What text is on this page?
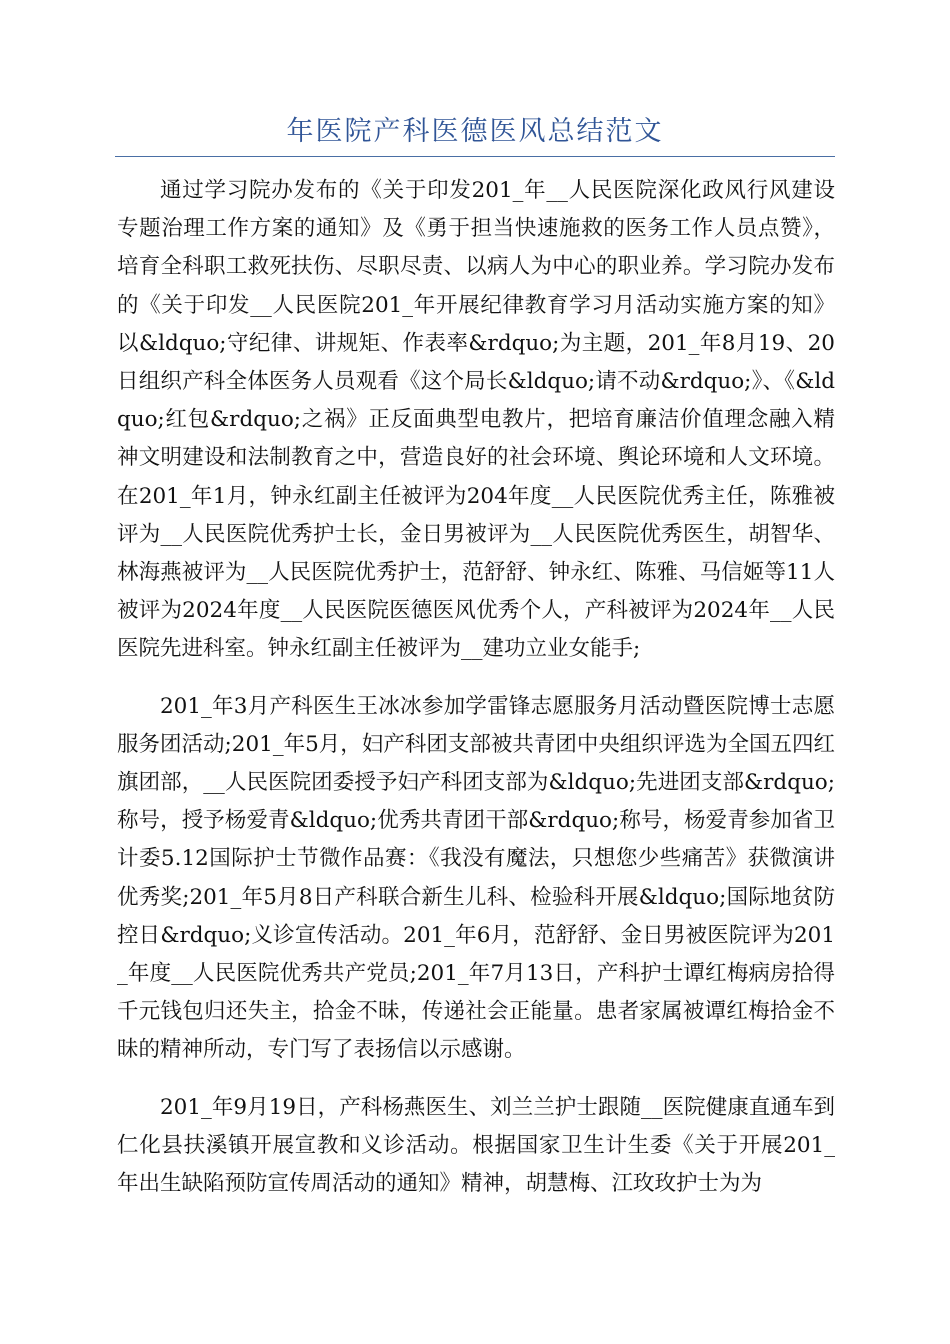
年医院产科医德医风总结范文

通过学习院办发布的《关于印发201_年__人民医院深化政风行风建设专题治理工作方案的通知》及《勇于担当快速施救的医务工作人员点赞》，培育全科职工救死扶伤、尽职尽责、以病人为中心的职业养。学习院办发布的《关于印发__人民医院201_年开展纪律教育学习月活动实施方案的知》以&ldquo;守纪律、讲规矩、作表率&rdquo;为主题，201_年8月19、20日组织产科全体医务人员观看《这个局长&ldquo;请不动&rdquo;》、《&ldquo;红包&rdquo;之祸》正反面典型电教片，把培育廉洁价值理念融入精神文明建设和法制教育之中，营造良好的社会环境、舆论环境和人文环境。在201_年1月，钟永红副主任被评为204年度__人民医院优秀主任，陈雅被评为__人民医院优秀护士长，金日男被评为__人民医院优秀医生，胡智华、林海燕被评为__人民医院优秀护士，范舒舒、钟永红、陈雅、马信姬等11人被评为2024年度__人民医院医德医风优秀个人，产科被评为2024年__人民医院先进科室。钟永红副主任被评为__建功立业女能手;

201_年3月产科医生王冰冰参加学雷锋志愿服务月活动暨医院博士志愿服务团活动;201_年5月，妇产科团支部被共青团中央组织评选为全国五四红旗团部，__人民医院团委授予妇产科团支部为&ldquo;先进团支部&rdquo;称号，授予杨爱青&ldquo;优秀共青团干部&rdquo;称号，杨爱青参加省卫计委5.12国际护士节微作品赛：《我没有魔法，只想您少些痛苦》获微演讲优秀奖;201_年5月8日产科联合新生儿科、检验科开展&ldquo;国际地贫防控日&rdquo;义诊宣传活动。201_年6月，范舒舒、金日男被医院评为201_年度__人民医院优秀共产党员;201_年7月13日，产科护士谭红梅病房拾得千元钱包归还失主，拾金不昧，传递社会正能量。患者家属被谭红梅拾金不昧的精神所动，专门写了表扬信以示感谢。

201_年9月19日，产科杨燕医生、刘兰兰护士跟随__医院健康直通车到仁化县扶溪镇开展宣教和义诊活动。根据国家卫生计生委《关于开展201_年出生缺陷预防宣传周活动的通知》精神，胡慧梅、江玫玫护士为为
